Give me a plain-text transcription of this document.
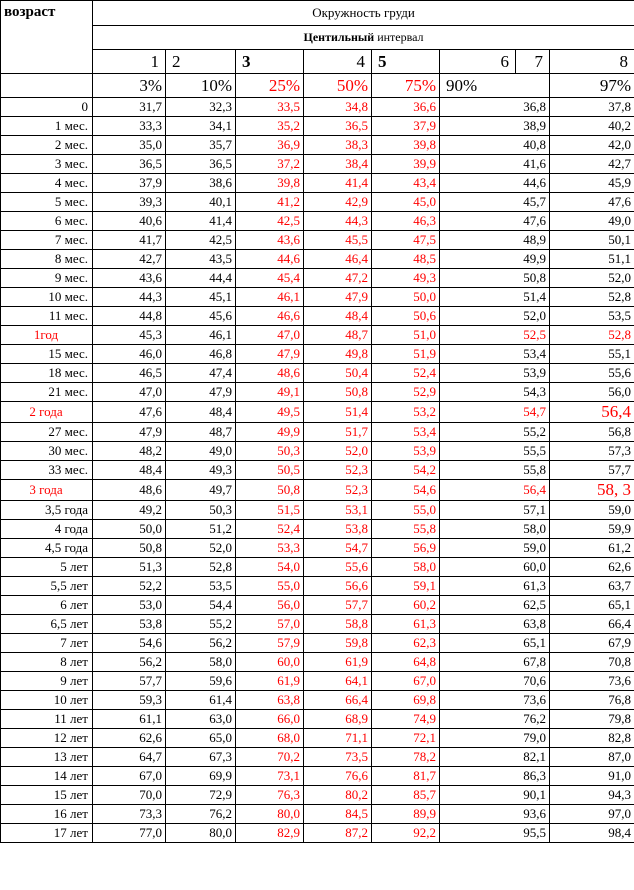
возраст	Окружность груди							
	Центильный интервал							
	1	2	3	4	5	6	7	8
	3%	10%	25%	50%	75%	90%		97%
0	31,7	32,3	33,5	34,8	36,6	36,8		37,8
1 мес.	33,3	34,1	35,2	36,5	37,9	38,9		40,2
2 мес.	35,0	35,7	36,9	38,3	39,8	40,8		42,0
3 мес.	36,5	36,5	37,2	38,4	39,9	41,6		42,7
4 мес.	37,9	38,6	39,8	41,4	43,4	44,6		45,9
5 мес.	39,3	40,1	41,2	42,9	45,0	45,7		47,6
6 мес.	40,6	41,4	42,5	44,3	46,3	47,6		49,0
7 мес.	41,7	42,5	43,6	45,5	47,5	48,9		50,1
8 мес.	42,7	43,5	44,6	46,4	48,5	49,9		51,1
9 мес.	43,6	44,4	45,4	47,2	49,3	50,8		52,0
10 мес.	44,3	45,1	46,1	47,9	50,0	51,4		52,8
11 мес.	44,8	45,6	46,6	48,4	50,6	52,0		53,5
1год	45,3	46,1	47,0	48,7	51,0	52,5		52,8
15 мес.	46,0	46,8	47,9	49,8	51,9	53,4		55,1
18 мес.	46,5	47,4	48,6	50,4	52,4	53,9		55,6
21 мес.	47,0	47,9	49,1	50,8	52,9	54,3		56,0
2 года	47,6	48,4	49,5	51,4	53,2	54,7		56,4
27 мес.	47,9	48,7	49,9	51,7	53,4	55,2		56,8
30 мес.	48,2	49,0	50,3	52,0	53,9	55,5		57,3
33 мес.	48,4	49,3	50,5	52,3	54,2	55,8		57,7
3 года	48,6	49,7	50,8	52,3	54,6	56,4		58, 3
3,5 года	49,2	50,3	51,5	53,1	55,0	57,1		59,0
4 года	50,0	51,2	52,4	53,8	55,8	58,0		59,9
4,5 года	50,8	52,0	53,3	54,7	56,9	59,0		61,2
5 лет	51,3	52,8	54,0	55,6	58,0	60,0		62,6
5,5 лет	52,2	53,5	55,0	56,6	59,1	61,3		63,7
6 лет	53,0	54,4	56,0	57,7	60,2	62,5		65,1
6,5 лет	53,8	55,2	57,0	58,8	61,3	63,8		66,4
7 лет	54,6	56,2	57,9	59,8	62,3	65,1		67,9
8 лет	56,2	58,0	60,0	61,9	64,8	67,8		70,8
9 лет	57,7	59,6	61,9	64,1	67,0	70,6		73,6
10 лет	59,3	61,4	63,8	66,4	69,8	73,6		76,8
11 лет	61,1	63,0	66,0	68,9	74,9	76,2		79,8
12 лет	62,6	65,0	68,0	71,1	72,1	79,0		82,8
13 лет	64,7	67,3	70,2	73,5	78,2	82,1		87,0
14 лет	67,0	69,9	73,1	76,6	81,7	86,3		91,0
15 лет	70,0	72,9	76,3	80,2	85,7	90,1		94,3
16 лет	73,3	76,2	80,0	84,5	89,9	93,6		97,0
17 лет	77,0	80,0	82,9	87,2	92,2	95,5		98,4
